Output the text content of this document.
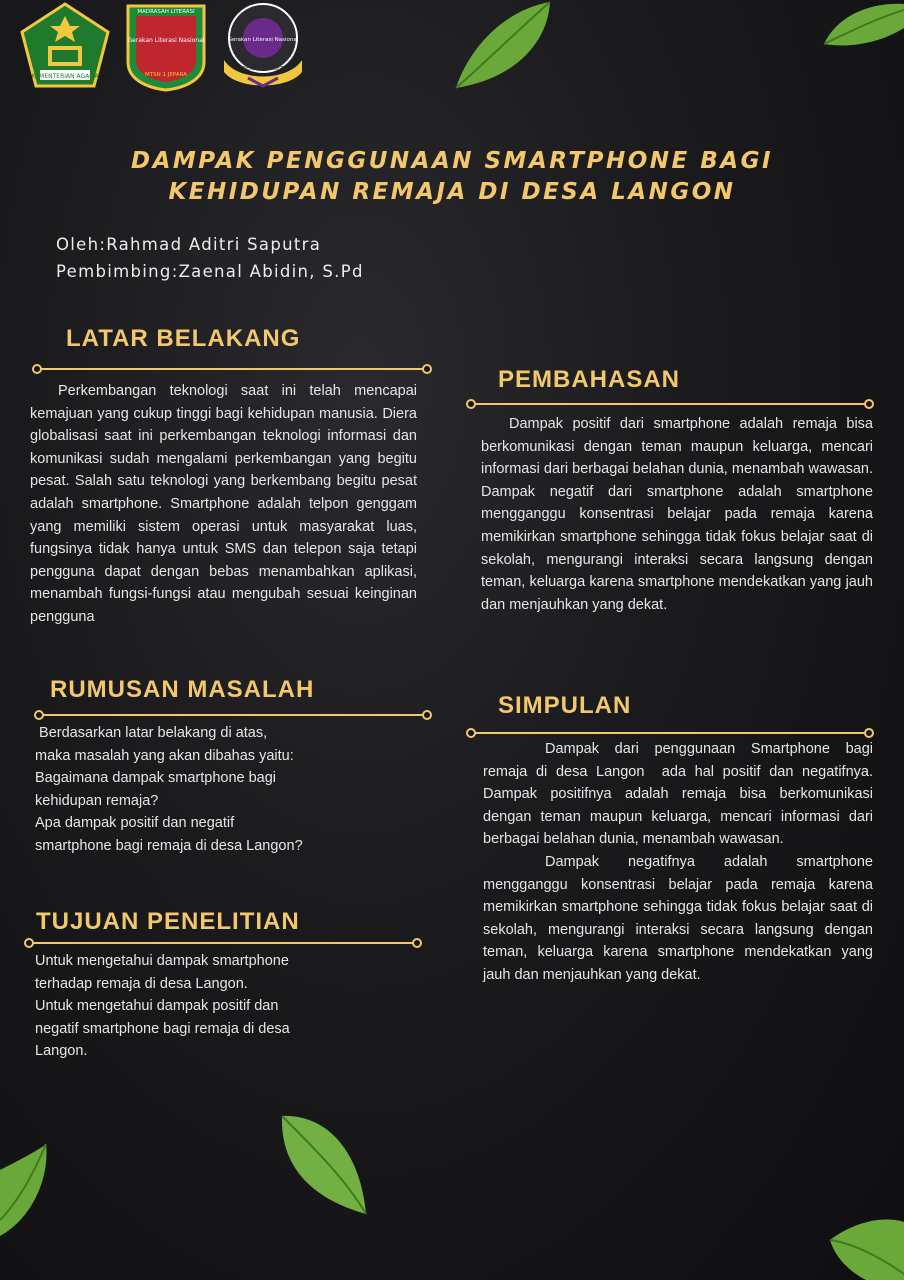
KEMENTERIAN AGAMA
MADRASAH LITERASI
Gerakan Literasi Nasional
MTSN 1 JEPARA
Gerakan Literasi Nasional
BERBASIS RISET
DAMPAK PENGGUNAAN SMARTPHONE BAGI KEHIDUPAN REMAJA DI DESA LANGON
Oleh:Rahmad Aditri Saputra
Pembimbing:Zaenal Abidin, S.Pd
LATAR BELAKANG
Perkembangan teknologi saat ini telah mencapai kemajuan yang cukup tinggi bagi kehidupan manusia. Diera globalisasi saat ini perkembangan teknologi informasi dan komunikasi sudah mengalami perkembangan yang begitu pesat. Salah satu teknologi yang berkembang begitu pesat adalah smartphone. Smartphone adalah telpon genggam yang memiliki sistem operasi untuk masyarakat luas, fungsinya tidak hanya untuk SMS dan telepon saja tetapi pengguna dapat dengan bebas menambahkan aplikasi, menambah fungsi-fungsi atau mengubah sesuai keinginan pengguna
RUMUSAN MASALAH
Berdasarkan latar belakang di atas,
maka masalah yang akan dibahas yaitu:
Bagaimana dampak smartphone bagi
kehidupan remaja?
Apa dampak positif dan negatif
smartphone bagi remaja di desa Langon?
TUJUAN PENELITIAN
Untuk mengetahui dampak smartphone
terhadap remaja di desa Langon.
Untuk mengetahui dampak positif dan
negatif smartphone bagi remaja di desa
Langon.
PEMBAHASAN
Dampak positif dari smartphone adalah remaja bisa berkomunikasi dengan teman maupun keluarga, mencari informasi dari berbagai belahan dunia, menambah wawasan. Dampak negatif dari smartphone adalah smartphone mengganggu konsentrasi belajar pada remaja karena memikirkan smartphone sehingga tidak fokus belajar saat di sekolah, mengurangi interaksi secara langsung dengan teman, keluarga karena smartphone mendekatkan yang jauh dan menjauhkan yang dekat.
SIMPULAN
Dampak dari penggunaan Smartphone bagi remaja di desa Langon  ada hal positif dan negatifnya. Dampak positifnya adalah remaja bisa berkomunikasi dengan teman maupun keluarga, mencari informasi dari berbagai belahan dunia, menambah wawasan.
Dampak negatifnya adalah smartphone mengganggu konsentrasi belajar pada remaja karena memikirkan smartphone sehingga tidak fokus belajar saat di sekolah, mengurangi interaksi secara langsung dengan teman, keluarga karena smartphone mendekatkan yang jauh dan menjauhkan yang dekat.
